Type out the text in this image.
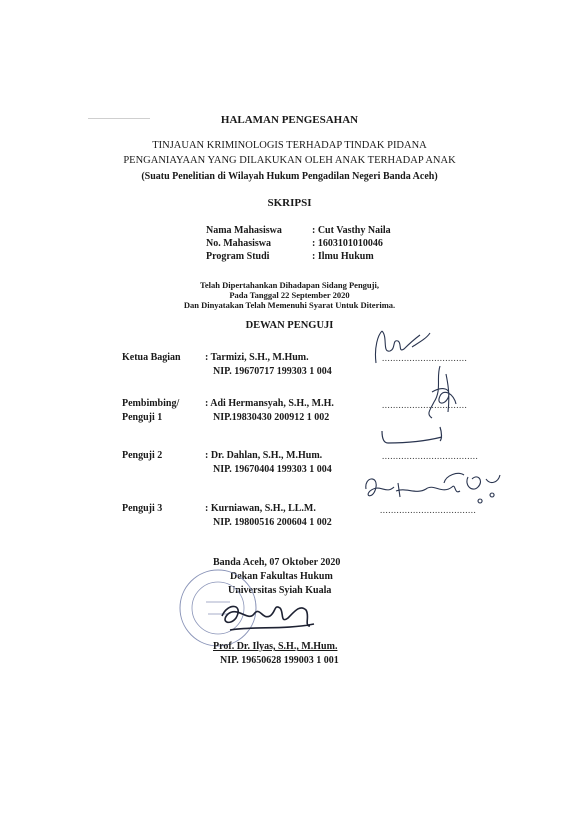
HALAMAN PENGESAHAN
TINJAUAN KRIMINOLOGIS TERHADAP TINDAK PIDANA
PENGANIAYAAN YANG DILAKUKAN OLEH ANAK TERHADAP ANAK
(Suatu Penelitian di Wilayah Hukum Pengadilan Negeri Banda Aceh)
SKRIPSI
Nama Mahasiswa	: Cut Vasthy Naila
No. Mahasiswa	: 1603101010046
Program Studi	: Ilmu Hukum
Telah Dipertahankan Dihadapan Sidang Penguji,
Pada Tanggal 22 September 2020
Dan Dinyatakan Telah Memenuhi Syarat Untuk Diterima.
DEWAN PENGUJI
Ketua Bagian : Tarmizi, S.H., M.Hum.
NIP. 19670717 199303 1 004
...............................
Pembimbing/
Penguji 1
: Adi Hermansyah, S.H., M.H.
NIP.19830430 200912 1 002
...............................
Penguji 2	: Dr. Dahlan, S.H., M.Hum.
NIP. 19670404 199303 1 004
...................................
Penguji 3	: Kurniawan, S.H., LL.M.
NIP. 19800516 200604 1 002
...................................
Banda Aceh, 07 Oktober 2020
Dekan Fakultas Hukum
Universitas Syiah Kuala
Prof. Dr. Ilyas, S.H., M.Hum.
NIP. 19650628 199003 1 001
